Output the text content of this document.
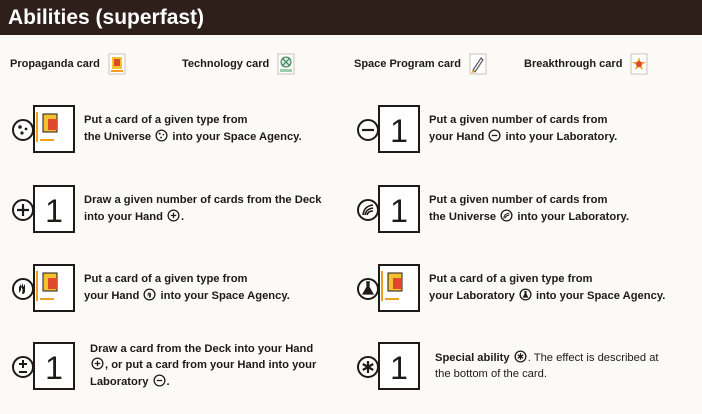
Abilities (superfast)
Propaganda card	Technology card	Space Program card	Breakthrough card
Put a card of a given type from
the Universe into your Space Agency.
1 Draw a given number of cards from the Deck
into your Hand .
Put a card of a given type from
your Hand into your Space Agency.
1
Draw a card from the Deck into your Hand
, or put a card from your Hand into your
Laboratory .
1 Put a given number of cards from
your Hand into your Laboratory.
1 Put a given number of cards from
the Universe into your Laboratory.
Put a card of a given type from
your Laboratory into your Space Agency.
1 Special ability . The effect is described at
the bottom of the card.
